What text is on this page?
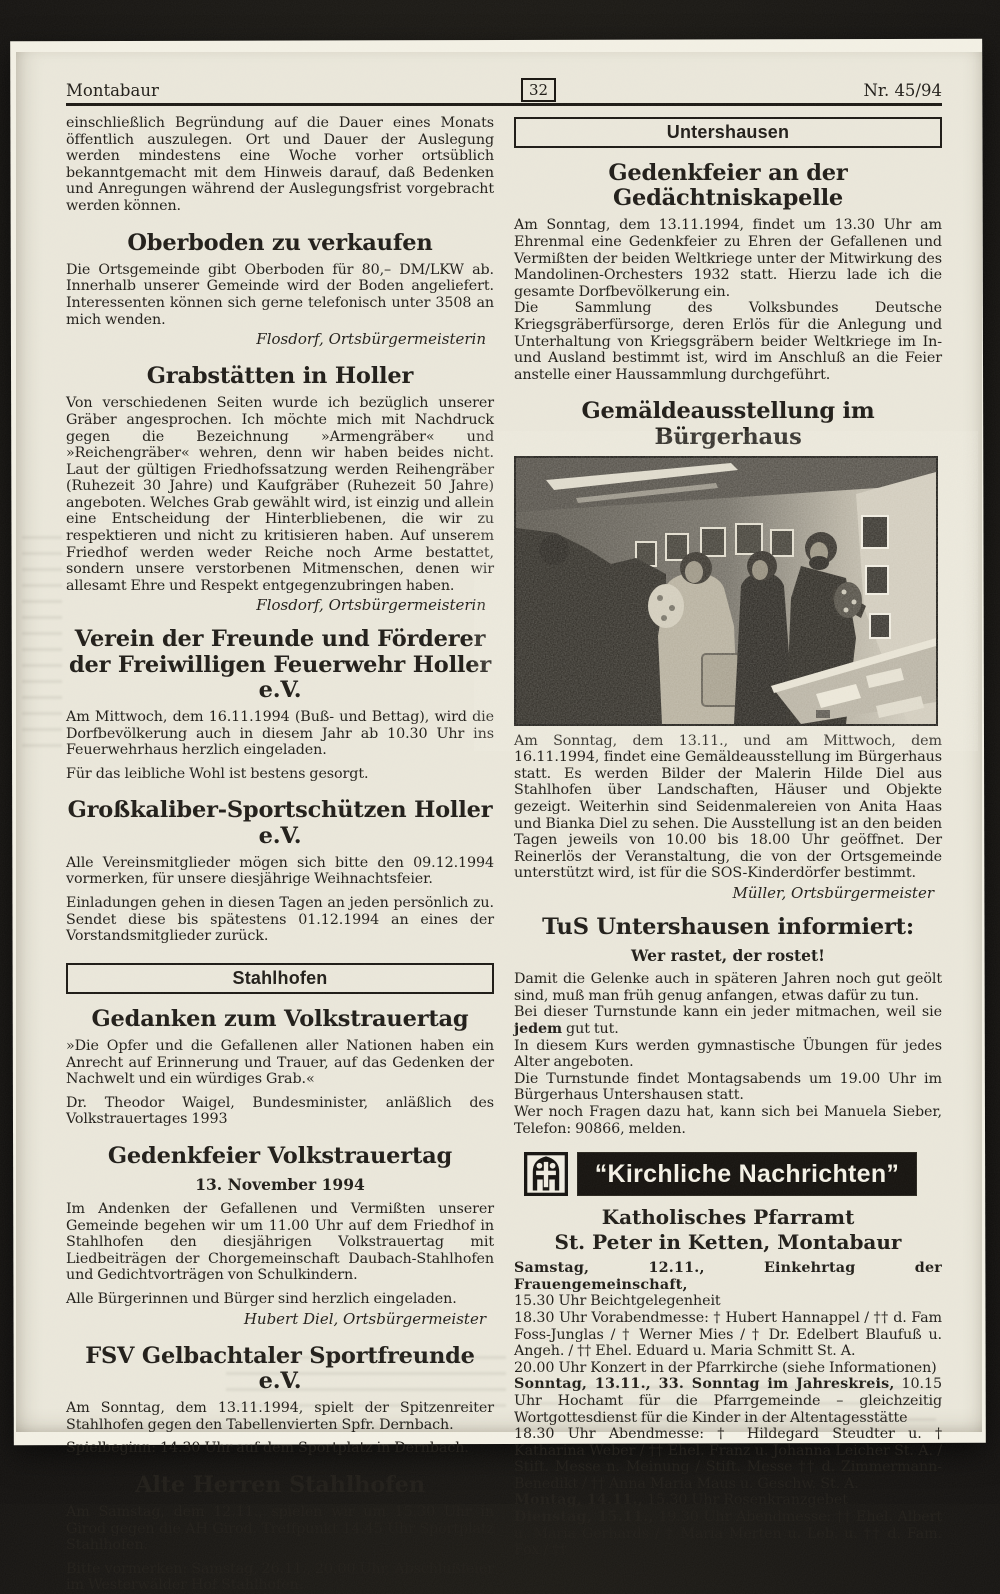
Montabaur	32	Nr. 45/94

einschließlich Begründung auf die Dauer eines Monats öffentlich auszulegen. Ort und Dauer der Auslegung werden mindestens eine Woche vorher ortsüblich bekanntgemacht mit dem Hinweis darauf, daß Bedenken und Anregungen während der Auslegungsfrist vorgebracht werden können.

Oberboden zu verkaufen

Die Ortsgemeinde gibt Oberboden für 80,– DM/LKW ab. Innerhalb unserer Gemeinde wird der Boden angeliefert. Interessenten können sich gerne telefonisch unter 3508 an mich wenden.

Flosdorf, Ortsbürgermeisterin
Grabstätten in Holler

Von verschiedenen Seiten wurde ich bezüglich unserer Gräber angesprochen. Ich möchte mich mit Nachdruck gegen die Bezeichnung »Armengräber« und »Reichengräber« wehren, denn wir haben beides nicht. Laut der gültigen Friedhofssatzung werden Reihengräber (Ruhezeit 30 Jahre) und Kaufgräber (Ruhezeit 50 Jahre) angeboten. Welches Grab gewählt wird, ist einzig und allein eine Entscheidung der Hinterbliebenen, die wir zu respektieren und nicht zu kritisieren haben. Auf unserem Friedhof werden weder Reiche noch Arme bestattet, sondern unsere verstorbenen Mitmenschen, denen wir allesamt Ehre und Respekt entgegenzubringen haben.

Flosdorf, Ortsbürgermeisterin
Verein der Freunde und Förderer
der Freiwilligen Feuerwehr Holler e.V.

Am Mittwoch, dem 16.11.1994 (Buß- und Bettag), wird die Dorfbevölkerung auch in diesem Jahr ab 10.30 Uhr ins Feuerwehrhaus herzlich eingeladen.

Für das leibliche Wohl ist bestens gesorgt.

Großkaliber-Sportschützen Holler e.V.

Alle Vereinsmitglieder mögen sich bitte den 09.12.1994 vormerken, für unsere diesjährige Weihnachtsfeier.

Einladungen gehen in diesen Tagen an jeden persönlich zu. Sendet diese bis spätestens 01.12.1994 an eines der Vorstandsmitglieder zurück.

Stahlhofen
Gedanken zum Volkstrauertag

»Die Opfer und die Gefallenen aller Nationen haben ein Anrecht auf Erinnerung und Trauer, auf das Gedenken der Nachwelt und ein würdiges Grab.«

Dr. Theodor Waigel, Bundesminister, anläßlich des Volkstrauertages 1993

Gedenkfeier Volkstrauertag
13. November 1994

Im Andenken der Gefallenen und Vermißten unserer Gemeinde begehen wir um 11.00 Uhr auf dem Friedhof in Stahlhofen den diesjährigen Volkstrauertag mit Liedbeiträgen der Chorgemeinschaft Daubach-Stahlhofen und Gedichtvorträgen von Schulkindern.

Alle Bürgerinnen und Bürger sind herzlich eingeladen.

Hubert Diel, Ortsbürgermeister
FSV Gelbachtaler Sportfreunde e.V.

Am Sonntag, dem 13.11.1994, spielt der Spitzenreiter Stahlhofen gegen den Tabellenvierten Spfr. Dernbach.

Spielbeginn: 14.30 Uhr auf dem Sportplatz in Dernbach.

Alte Herren Stahlhofen

Am Samstag, dem 12.11., spielen wir um 15.30 Uhr in Girod gegen die AH Girod. Treffpunkt 14.45 Uhr Sportplatz Stahlhofen.

Bitte vormerken: Samstag, 26.11., 20.00 Uhr, Abschlußfeier im Westerwälder Hof Stahlhofen.

Untershausen
Gedenkfeier an der Gedächtniskapelle

Am Sonntag, dem 13.11.1994, findet um 13.30 Uhr am Ehrenmal eine Gedenkfeier zu Ehren der Gefallenen und Vermißten der beiden Weltkriege unter der Mitwirkung des Mandolinen-Orchesters 1932 statt. Hierzu lade ich die gesamte Dorfbevölkerung ein.

Die Sammlung des Volksbundes Deutsche Kriegsgräberfürsorge, deren Erlös für die Anlegung und Unterhaltung von Kriegsgräbern beider Weltkriege im In- und Ausland bestimmt ist, wird im Anschluß an die Feier anstelle einer Haussammlung durchgeführt.

Gemäldeausstellung im Bürgerhaus

Am Sonntag, dem 13.11., und am Mittwoch, dem 16.11.1994, findet eine Gemäldeausstellung im Bürgerhaus statt. Es werden Bilder der Malerin Hilde Diel aus Stahlhofen über Landschaften, Häuser und Objekte gezeigt. Weiterhin sind Seidenmalereien von Anita Haas und Bianka Diel zu sehen. Die Ausstellung ist an den beiden Tagen jeweils von 10.00 bis 18.00 Uhr geöffnet. Der Reinerlös der Veranstaltung, die von der Ortsgemeinde unterstützt wird, ist für die SOS-Kinderdörfer bestimmt.

Müller, Ortsbürgermeister
TuS Untershausen informiert:
Wer rastet, der rostet!

Damit die Gelenke auch in späteren Jahren noch gut geölt sind, muß man früh genug anfangen, etwas dafür zu tun.

Bei dieser Turnstunde kann ein jeder mitmachen, weil sie jedem gut tut.

In diesem Kurs werden gymnastische Übungen für jedes Alter angeboten.

Die Turnstunde findet Montagsabends um 19.00 Uhr im Bürgerhaus Untershausen statt.

Wer noch Fragen dazu hat, kann sich bei Manuela Sieber, Telefon: 90866, melden.

“Kirchliche Nachrichten”
Katholisches Pfarramt
St. Peter in Ketten, Montabaur

Samstag, 12.11., Einkehrtag der Frauengemeinschaft,

15.30 Uhr Beichtgelegenheit

18.30 Uhr Vorabendmesse: † Hubert Hannappel / †† d. Fam Foss-Junglas / † Werner Mies / † Dr. Edelbert Blaufuß u. Angeh. / †† Ehel. Eduard u. Maria Schmitt St. A.

20.00 Uhr Konzert in der Pfarrkirche (siehe Informationen)

Sonntag, 13.11., 33. Sonntag im Jahreskreis, 10.15 Uhr Hochamt für die Pfarrgemeinde – gleichzeitig Wortgottesdienst für die Kinder in der Altentagesstätte

18.30 Uhr Abendmesse: † Hildegard Steudter u. † Katharina Weber / †† Ehel. Franz u. Johanna Leicher St. A. / Stift. Messe n. Meinung / Stift. Messe †† d. Zimmermann-Benedikt / †† Anna Maria Maus u. Geschw. St. A.

Montag, 14.11., 15.30 Uhr Rosenkranzgebet

Dienstag, 15.11., 19.30 Uhr Abendmesse: †† Ehel. Albert u. Maria Gerhards / † Maria Merten u. Leb. u. †† d. Fam. Fox / ††
